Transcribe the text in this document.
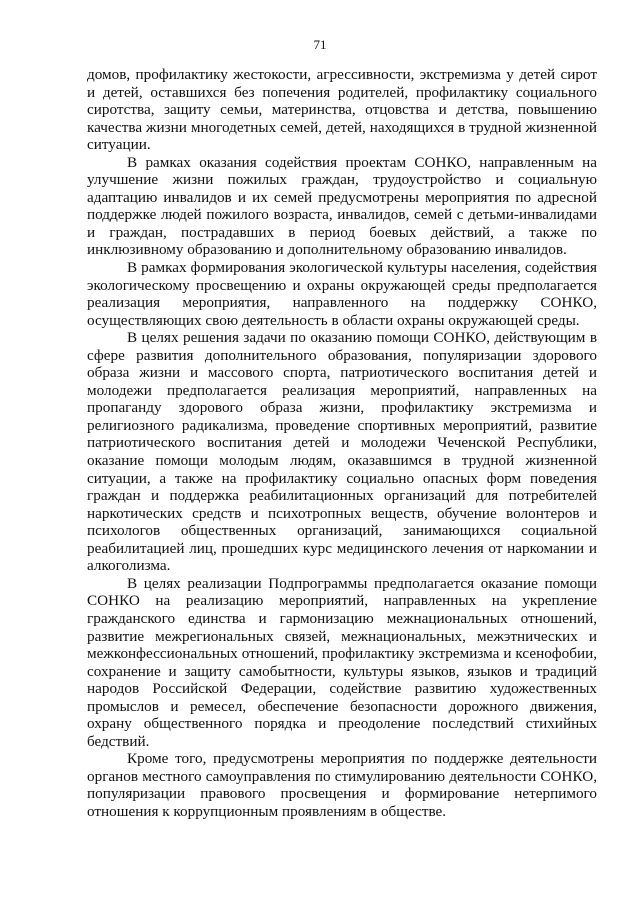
71

домов, профилактику жестокости, агрессивности, экстремизма у детей сирот и детей, оставшихся без попечения родителей, профилактику социального сиротства, защиту семьи, материнства, отцовства и детства, повышению качества жизни многодетных семей, детей, находящихся в трудной жизненной ситуации.

В рамках оказания содействия проектам СОНКО, направленным на улучшение жизни пожилых граждан, трудоустройство и социальную адаптацию инвалидов и их семей предусмотрены мероприятия по адресной поддержке людей пожилого возраста, инвалидов, семей с детьми-инвалидами и граждан, пострадавших в период боевых действий, а также по инклюзивному образованию и дополнительному образованию инвалидов.

В рамках формирования экологической культуры населения, содействия экологическому просвещению и охраны окружающей среды предполагается реализация мероприятия, направленного на поддержку СОНКО, осуществляющих свою деятельность в области охраны окружающей среды.

В целях решения задачи по оказанию помощи СОНКО, действующим в сфере развития дополнительного образования, популяризации здорового образа жизни и массового спорта, патриотического воспитания детей и молодежи предполагается реализация мероприятий, направленных на пропаганду здорового образа жизни, профилактику экстремизма и религиозного радикализма, проведение спортивных мероприятий, развитие патриотического воспитания детей и молодежи Чеченской Республики, оказание помощи молодым людям, оказавшимся в трудной жизненной ситуации, а также на профилактику социально опасных форм поведения граждан и поддержка реабилитационных организаций для потребителей наркотических средств и психотропных веществ, обучение волонтеров и психологов общественных организаций, занимающихся социальной реабилитацией лиц, прошедших курс медицинского лечения от наркомании и алкоголизма.

В целях реализации Подпрограммы предполагается оказание помощи СОНКО на реализацию мероприятий, направленных на укрепление гражданского единства и гармонизацию межнациональных отношений, развитие межрегиональных связей, межнациональных, межэтнических и межконфессиональных отношений, профилактику экстремизма и ксенофобии, сохранение и защиту самобытности, культуры языков, языков и традиций народов Российской Федерации, содействие развитию художественных промыслов и ремесел, обеспечение безопасности дорожного движения, охрану общественного порядка и преодоление последствий стихийных бедствий.

Кроме того, предусмотрены мероприятия по поддержке деятельности органов местного самоуправления по стимулированию деятельности СОНКО, популяризации правового просвещения и формирование нетерпимого отношения к коррупционным проявлениям в обществе.
